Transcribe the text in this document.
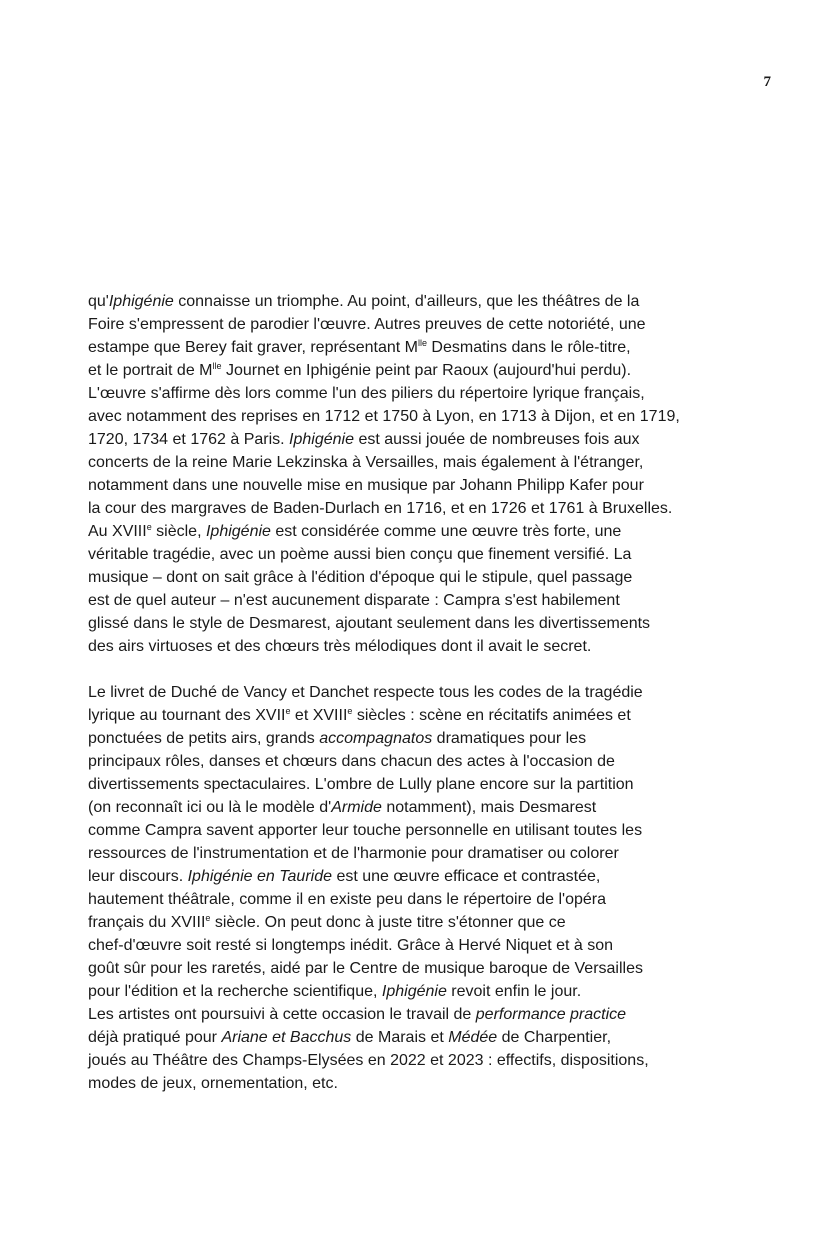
7
qu'Iphigénie connaisse un triomphe. Au point, d'ailleurs, que les théâtres de la
Foire s'empressent de parodier l'œuvre. Autres preuves de cette notoriété, une
estampe que Berey fait graver, représentant $M^{lle}$ Desmatins dans le rôle-titre,
et le portrait de $M^{lle}$ Journet en Iphigénie peint par Raoux (aujourd'hui perdu).
L'œuvre s'affirme dès lors comme l'un des piliers du répertoire lyrique français,
avec notamment des reprises en 1712 et 1750 à Lyon, en 1713 à Dijon, et en 1719,
1720, 1734 et 1762 à Paris. Iphigénie est aussi jouée de nombreuses fois aux
concerts de la reine Marie Lekzinska à Versailles, mais également à l'étranger,
notamment dans une nouvelle mise en musique par Johann Philipp Kafer pour
la cour des margraves de Baden-Durlach en 1716, et en 1726 et 1761 à Bruxelles.
Au XVIIIe siècle, Iphigénie est considérée comme une œuvre très forte, une
véritable tragédie, avec un poème aussi bien conçu que finement versifié. La
musique – dont on sait grâce à l'édition d'époque qui le stipule, quel passage
est de quel auteur – n'est aucunement disparate : Campra s'est habilement
glissé dans le style de Desmarest, ajoutant seulement dans les divertissements
des airs virtuoses et des chœurs très mélodiques dont il avait le secret.
Le livret de Duché de Vancy et Danchet respecte tous les codes de la tragédie
lyrique au tournant des XVIIe et XVIIIe siècles : scène en récitatifs animées et
ponctuées de petits airs, grands accompagnatos dramatiques pour les
principaux rôles, danses et chœurs dans chacun des actes à l'occasion de
divertissements spectaculaires. L'ombre de Lully plane encore sur la partition
(on reconnaît ici ou là le modèle d'Armide notamment), mais Desmarest
comme Campra savent apporter leur touche personnelle en utilisant toutes les
ressources de l'instrumentation et de l'harmonie pour dramatiser ou colorer
leur discours. Iphigénie en Tauride est une œuvre efficace et contrastée,
hautement théâtrale, comme il en existe peu dans le répertoire de l'opéra
français du XVIIIe siècle. On peut donc à juste titre s'étonner que ce
chef-d'œuvre soit resté si longtemps inédit. Grâce à Hervé Niquet et à son
goût sûr pour les raretés, aidé par le Centre de musique baroque de Versailles
pour l'édition et la recherche scientifique, Iphigénie revoit enfin le jour.
Les artistes ont poursuivi à cette occasion le travail de performance practice
déjà pratiqué pour Ariane et Bacchus de Marais et Médée de Charpentier,
joués au Théâtre des Champs-Elysées en 2022 et 2023 : effectifs, dispositions,
modes de jeux, ornementation, etc.
